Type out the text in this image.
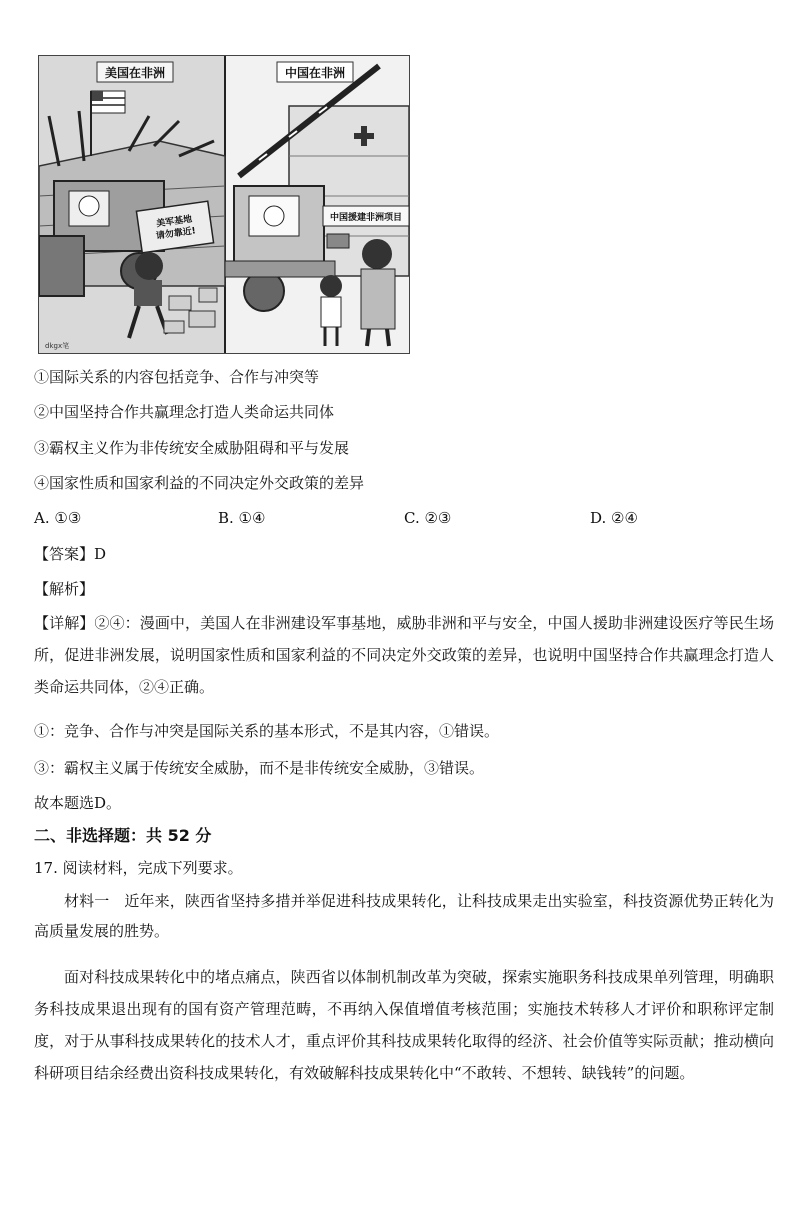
美国在非洲
美军基地请勿靠近!
dkgx笔
中国在非洲
中国援建非洲项目
①国际关系的内容包括竞争、合作与冲突等
②中国坚持合作共赢理念打造人类命运共同体
③霸权主义作为非传统安全威胁阻碍和平与发展
④国家性质和国家利益的不同决定外交政策的差异
A. ①③	B. ①④	C. ②③	D. ②④
【答案】D
【解析】
【详解】②④：漫画中，美国人在非洲建设军事基地，威胁非洲和平与安全，中国人援助非洲建设医疗等民生场所，促进非洲发展，说明国家性质和国家利益的不同决定外交政策的差异，也说明中国坚持合作共赢理念打造人类命运共同体，②④正确。
①：竞争、合作与冲突是国际关系的基本形式，不是其内容，①错误。
③：霸权主义属于传统安全威胁，而不是非传统安全威胁，③错误。
故本题选D。
二、非选择题：共 52 分
17. 阅读材料，完成下列要求。
材料一　近年来，陕西省坚持多措并举促进科技成果转化，让科技成果走出实验室，科技资源优势正转化为高质量发展的胜势。
面对科技成果转化中的堵点痛点，陕西省以体制机制改革为突破，探索实施职务科技成果单列管理，明确职务科技成果退出现有的国有资产管理范畴，不再纳入保值增值考核范围；实施技术转移人才评价和职称评定制度，对于从事科技成果转化的技术人才，重点评价其科技成果转化取得的经济、社会价值等实际贡献；推动横向科研项目结余经费出资科技成果转化，有效破解科技成果转化中“不敢转、不想转、缺钱转”的问题。
